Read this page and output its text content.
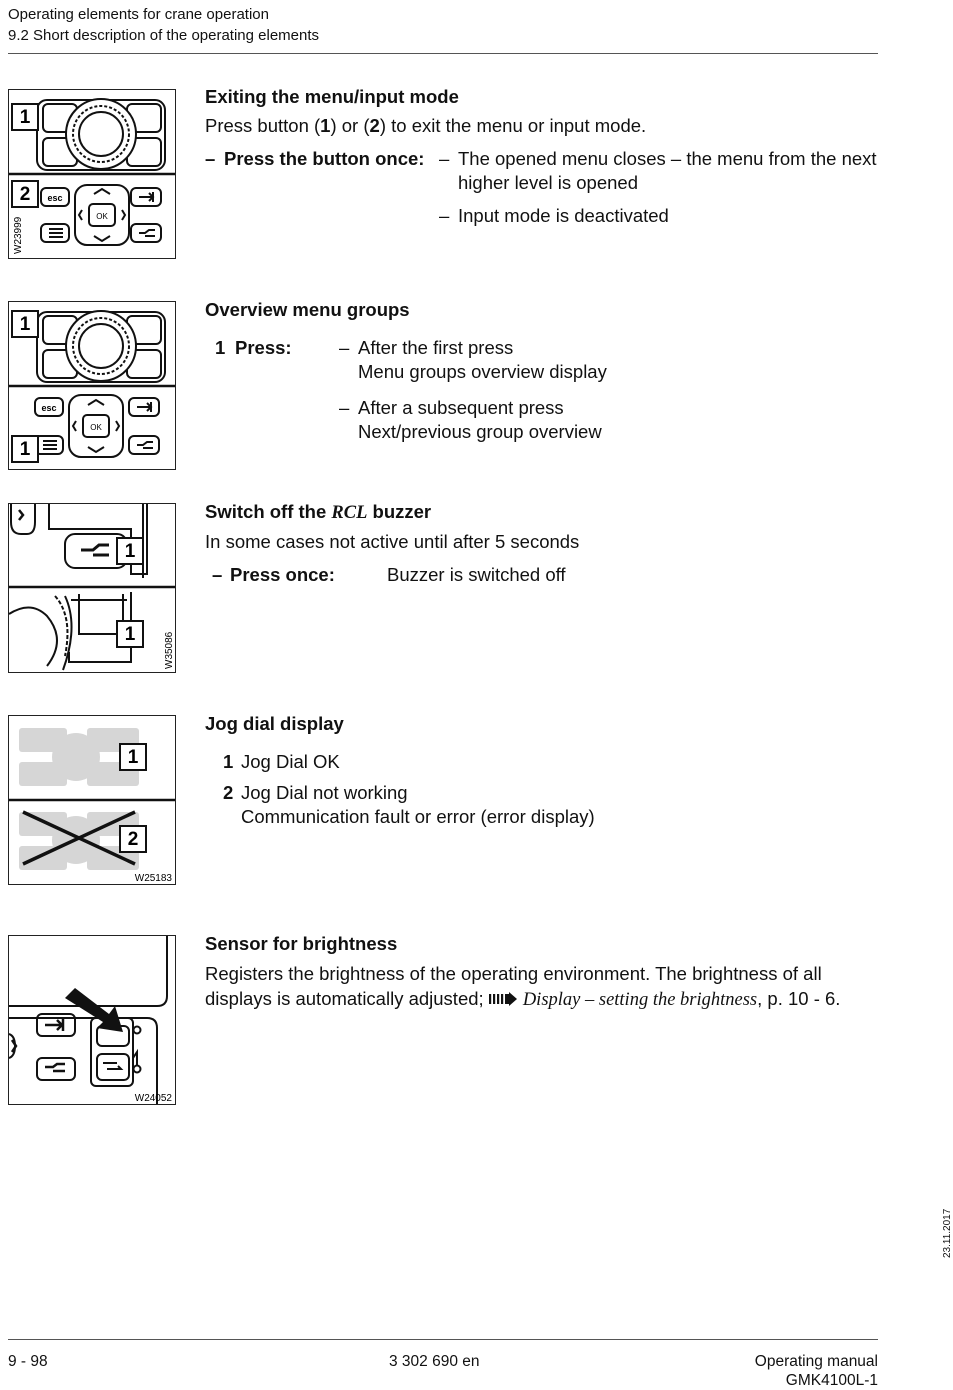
Operating elements for crane operation
9.2 Short description of the operating elements
esc
OK
1
2
W23999
Exiting the menu/input mode
Press button (1) or (2) to exit the menu or input mode.
– Press the button once: – The opened menu closes – the menu from the next higher level is opened
– Input mode is deactivated
esc
OK
1
1
Overview menu groups
1 Press:	– After the first press
Menu groups overview display
– After a subsequent press
Next/previous group overview
1
1	W35086
Switch off the RCL buzzer
In some cases not active until after 5 seconds
– Press once:	Buzzer is switched off
1
2
W25183
Jog dial display
1 Jog Dial OK
2 Jog Dial not working
Communication fault or error (error display)
W24052
Sensor for brightness
Registers the brightness of the operating environment. The brightness of all displays is automatically adjusted; Display – setting the brightness, p. 10 - 6.
23.11.2017
9 - 98	3 302 690 en	Operating manual
GMK4100L-1
